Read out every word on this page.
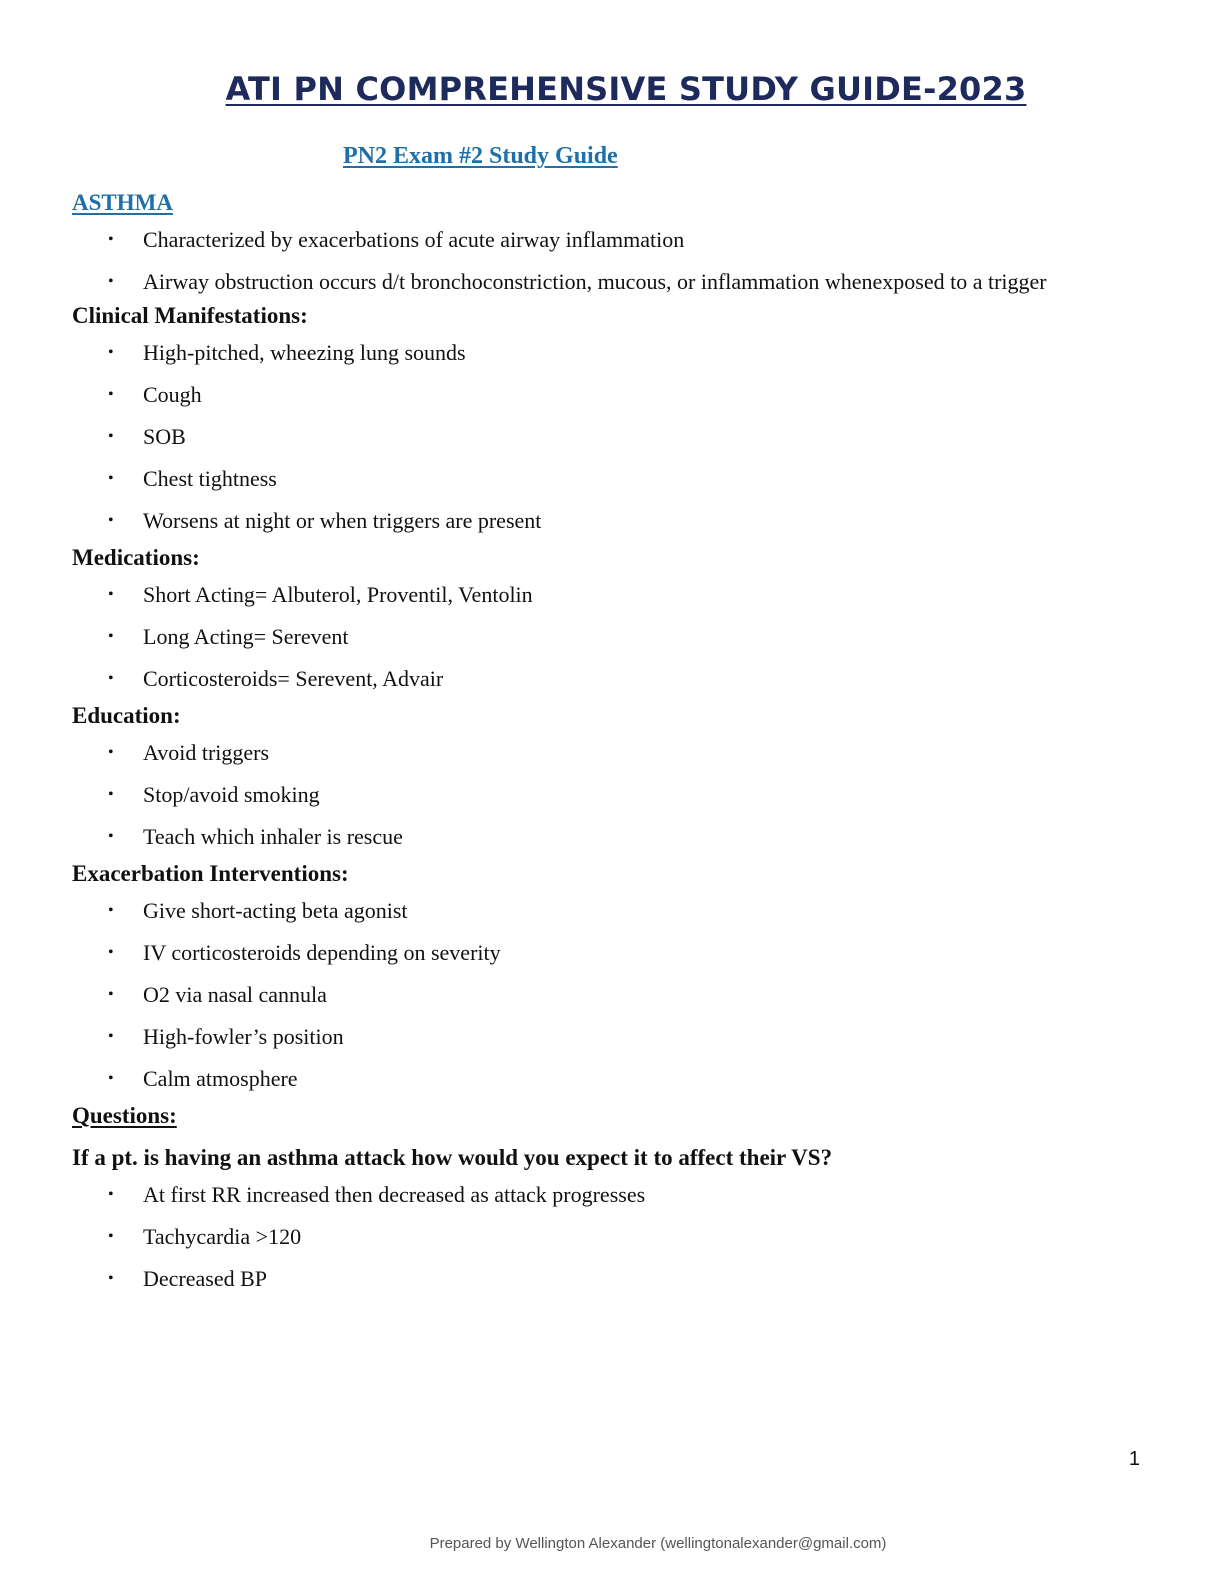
ATI PN COMPREHENSIVE STUDY GUIDE-2023
PN2 Exam #2 Study Guide
ASTHMA
• Characterized by exacerbations of acute airway inflammation
• Airway obstruction occurs d/t bronchoconstriction, mucous, or inflammation whenexposed to a trigger
Clinical Manifestations:
• High-pitched, wheezing lung sounds
• Cough
• SOB
• Chest tightness
• Worsens at night or when triggers are present
Medications:
• Short Acting= Albuterol, Proventil, Ventolin
• Long Acting= Serevent
• Corticosteroids= Serevent, Advair
Education:
• Avoid triggers
• Stop/avoid smoking
• Teach which inhaler is rescue
Exacerbation Interventions:
• Give short-acting beta agonist
• IV corticosteroids depending on severity
• O2 via nasal cannula
• High-fowler’s position
• Calm atmosphere
Questions:
If a pt. is having an asthma attack how would you expect it to affect their VS?
• At first RR increased then decreased as attack progresses
• Tachycardia >120
• Decreased BP
1
Prepared by Wellington Alexander (wellingtonalexander@gmail.com)
